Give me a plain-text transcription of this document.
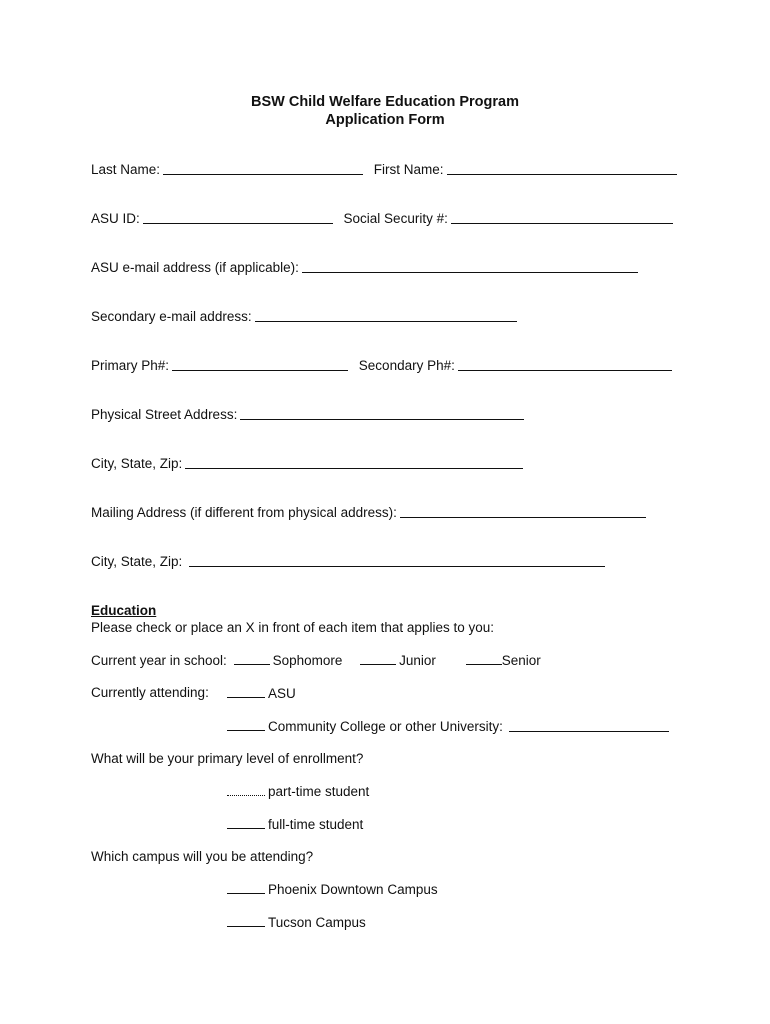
BSW Child Welfare Education Program
Application Form
Last Name:	First Name:
ASU ID:	Social Security #:
ASU e-mail address (if applicable):
Secondary e-mail address:
Primary Ph#:	Secondary Ph#:
Physical Street Address:
City, State, Zip:
Mailing Address (if different from physical address):
City, State, Zip:
Education
Please check or place an X in front of each item that applies to you:
Current year in school:	Sophomore	Junior	Senior
Currently attending:	ASU
Community College or other University:
What will be your primary level of enrollment?
part-time student
full-time student
Which campus will you be attending?
Phoenix Downtown Campus
Tucson Campus
